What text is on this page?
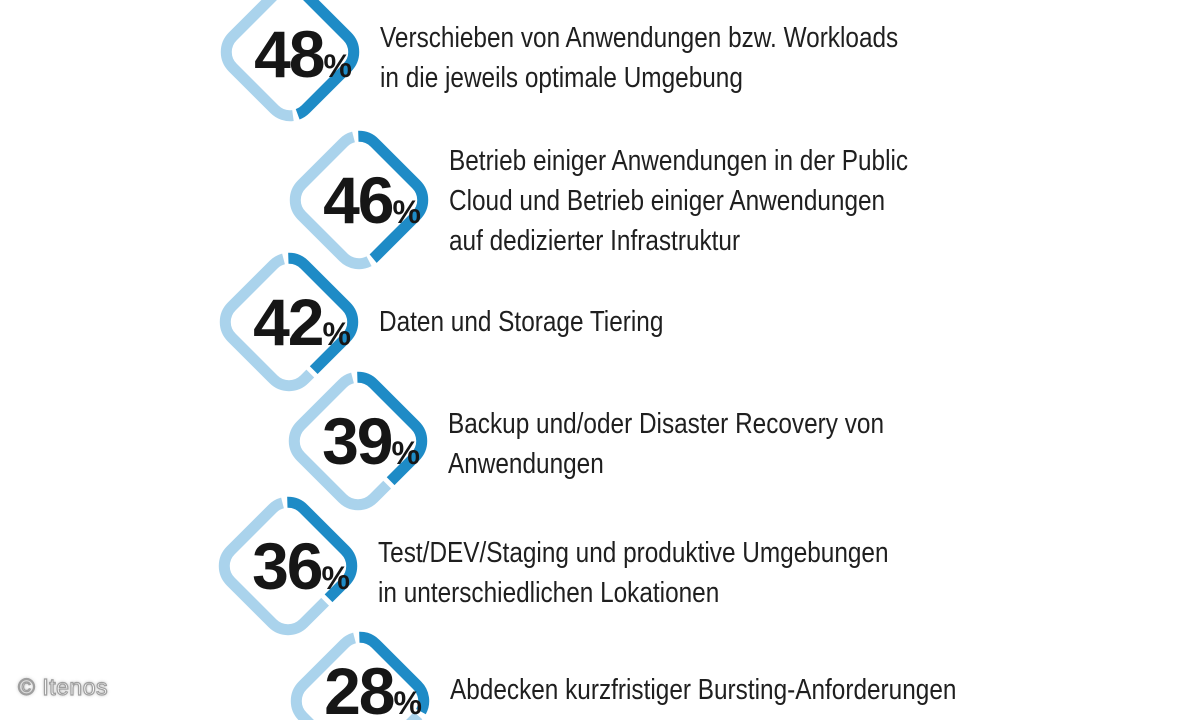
© Itenos
48%
Verschieben von Anwendungen bzw. Workloads
in die jeweils optimale Umgebung
46%
Betrieb einiger Anwendungen in der Public
Cloud und Betrieb einiger Anwendungen
auf dedizierter Infrastruktur
42% Daten und Storage Tiering
39%
Backup und/oder Disaster Recovery von
Anwendungen
36%
Test/DEV/Staging und produktive Umgebungen
in unterschiedlichen Lokationen
28% Abdecken kurzfristiger Bursting-Anforderungen
